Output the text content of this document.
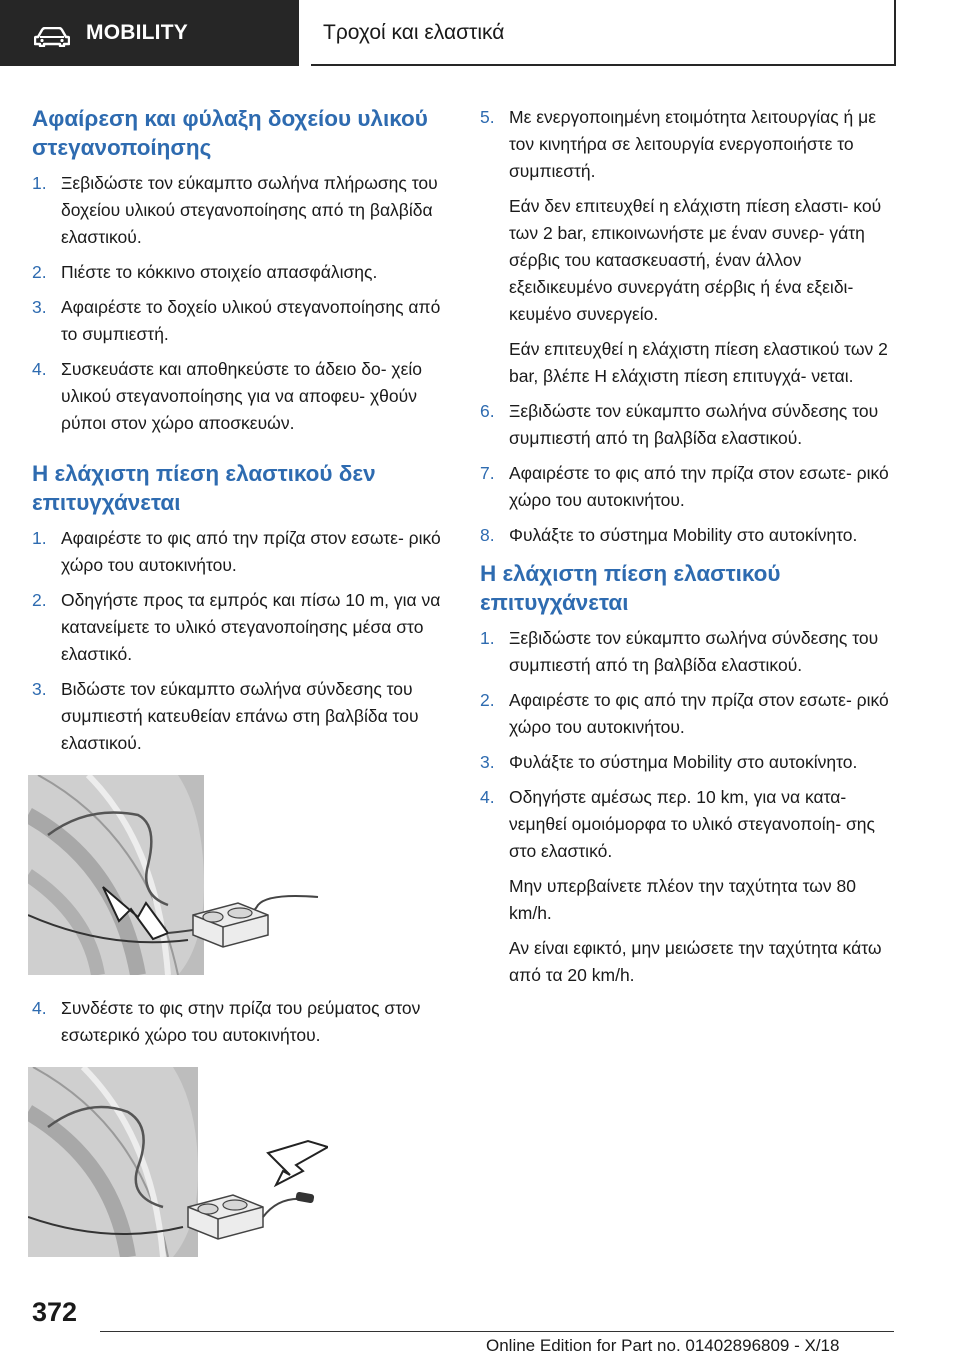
MOBILITY	Τροχοί και ελαστικά
Αφαίρεση και φύλαξη δοχείου υλικού στεγανοποίησης
1. Ξεβιδώστε τον εύκαμπτο σωλήνα πλήρωσης του δοχείου υλικού στεγανοποίησης από τη βαλβίδα ελαστικού.
2. Πιέστε το κόκκινο στοιχείο απασφάλισης.
3. Αφαιρέστε το δοχείο υλικού στεγανοποίησης από το συμπιεστή.
4. Συσκευάστε και αποθηκεύστε το άδειο δο- χείο υλικού στεγανοποίησης για να αποφευ- χθούν ρύποι στον χώρο αποσκευών.
Η ελάχιστη πίεση ελαστικού δεν επιτυγχάνεται
1. Αφαιρέστε το φις από την πρίζα στον εσωτε- ρικό χώρο του αυτοκινήτου.
2. Οδηγήστε προς τα εμπρός και πίσω 10 m, για να κατανείμετε το υλικό στεγανοποίησης μέσα στο ελαστικό.
3. Βιδώστε τον εύκαμπτο σωλήνα σύνδεσης του συμπιεστή κατευθείαν επάνω στη βαλβίδα του ελαστικού.
4. Συνδέστε το φις στην πρίζα του ρεύματος στον εσωτερικό χώρο του αυτοκινήτου.
5. Με ενεργοποιημένη ετοιμότητα λειτουργίας ή με τον κινητήρα σε λειτουργία ενεργοποιήστε το συμπιεστή.
Εάν δεν επιτευχθεί η ελάχιστη πίεση ελαστι- κού των 2 bar, επικοινωνήστε με έναν συνερ- γάτη σέρβις του κατασκευαστή, έναν άλλον εξειδικευμένο συνεργάτη σέρβις ή ένα εξειδι- κευμένο συνεργείο.
Εάν επιτευχθεί η ελάχιστη πίεση ελαστικού των 2 bar, βλέπε Η ελάχιστη πίεση επιτυγχά- νεται.
6. Ξεβιδώστε τον εύκαμπτο σωλήνα σύνδεσης του συμπιεστή από τη βαλβίδα ελαστικού.
7. Αφαιρέστε το φις από την πρίζα στον εσωτε- ρικό χώρο του αυτοκινήτου.
8. Φυλάξτε το σύστημα Mobility στο αυτοκίνητο.
Η ελάχιστη πίεση ελαστικού επιτυγχάνεται
1. Ξεβιδώστε τον εύκαμπτο σωλήνα σύνδεσης του συμπιεστή από τη βαλβίδα ελαστικού.
2. Αφαιρέστε το φις από την πρίζα στον εσωτε- ρικό χώρο του αυτοκινήτου.
3. Φυλάξτε το σύστημα Mobility στο αυτοκίνητο.
4. Οδηγήστε αμέσως περ. 10 km, για να κατα- νεμηθεί ομοιόμορφα το υλικό στεγανοποίη- σης στο ελαστικό.
Μην υπερβαίνετε πλέον την ταχύτητα των 80 km/h.
Αν είναι εφικτό, μην μειώσετε την ταχύτητα κάτω από τα 20 km/h.
372
Online Edition for Part no. 01402896809 - X/18
